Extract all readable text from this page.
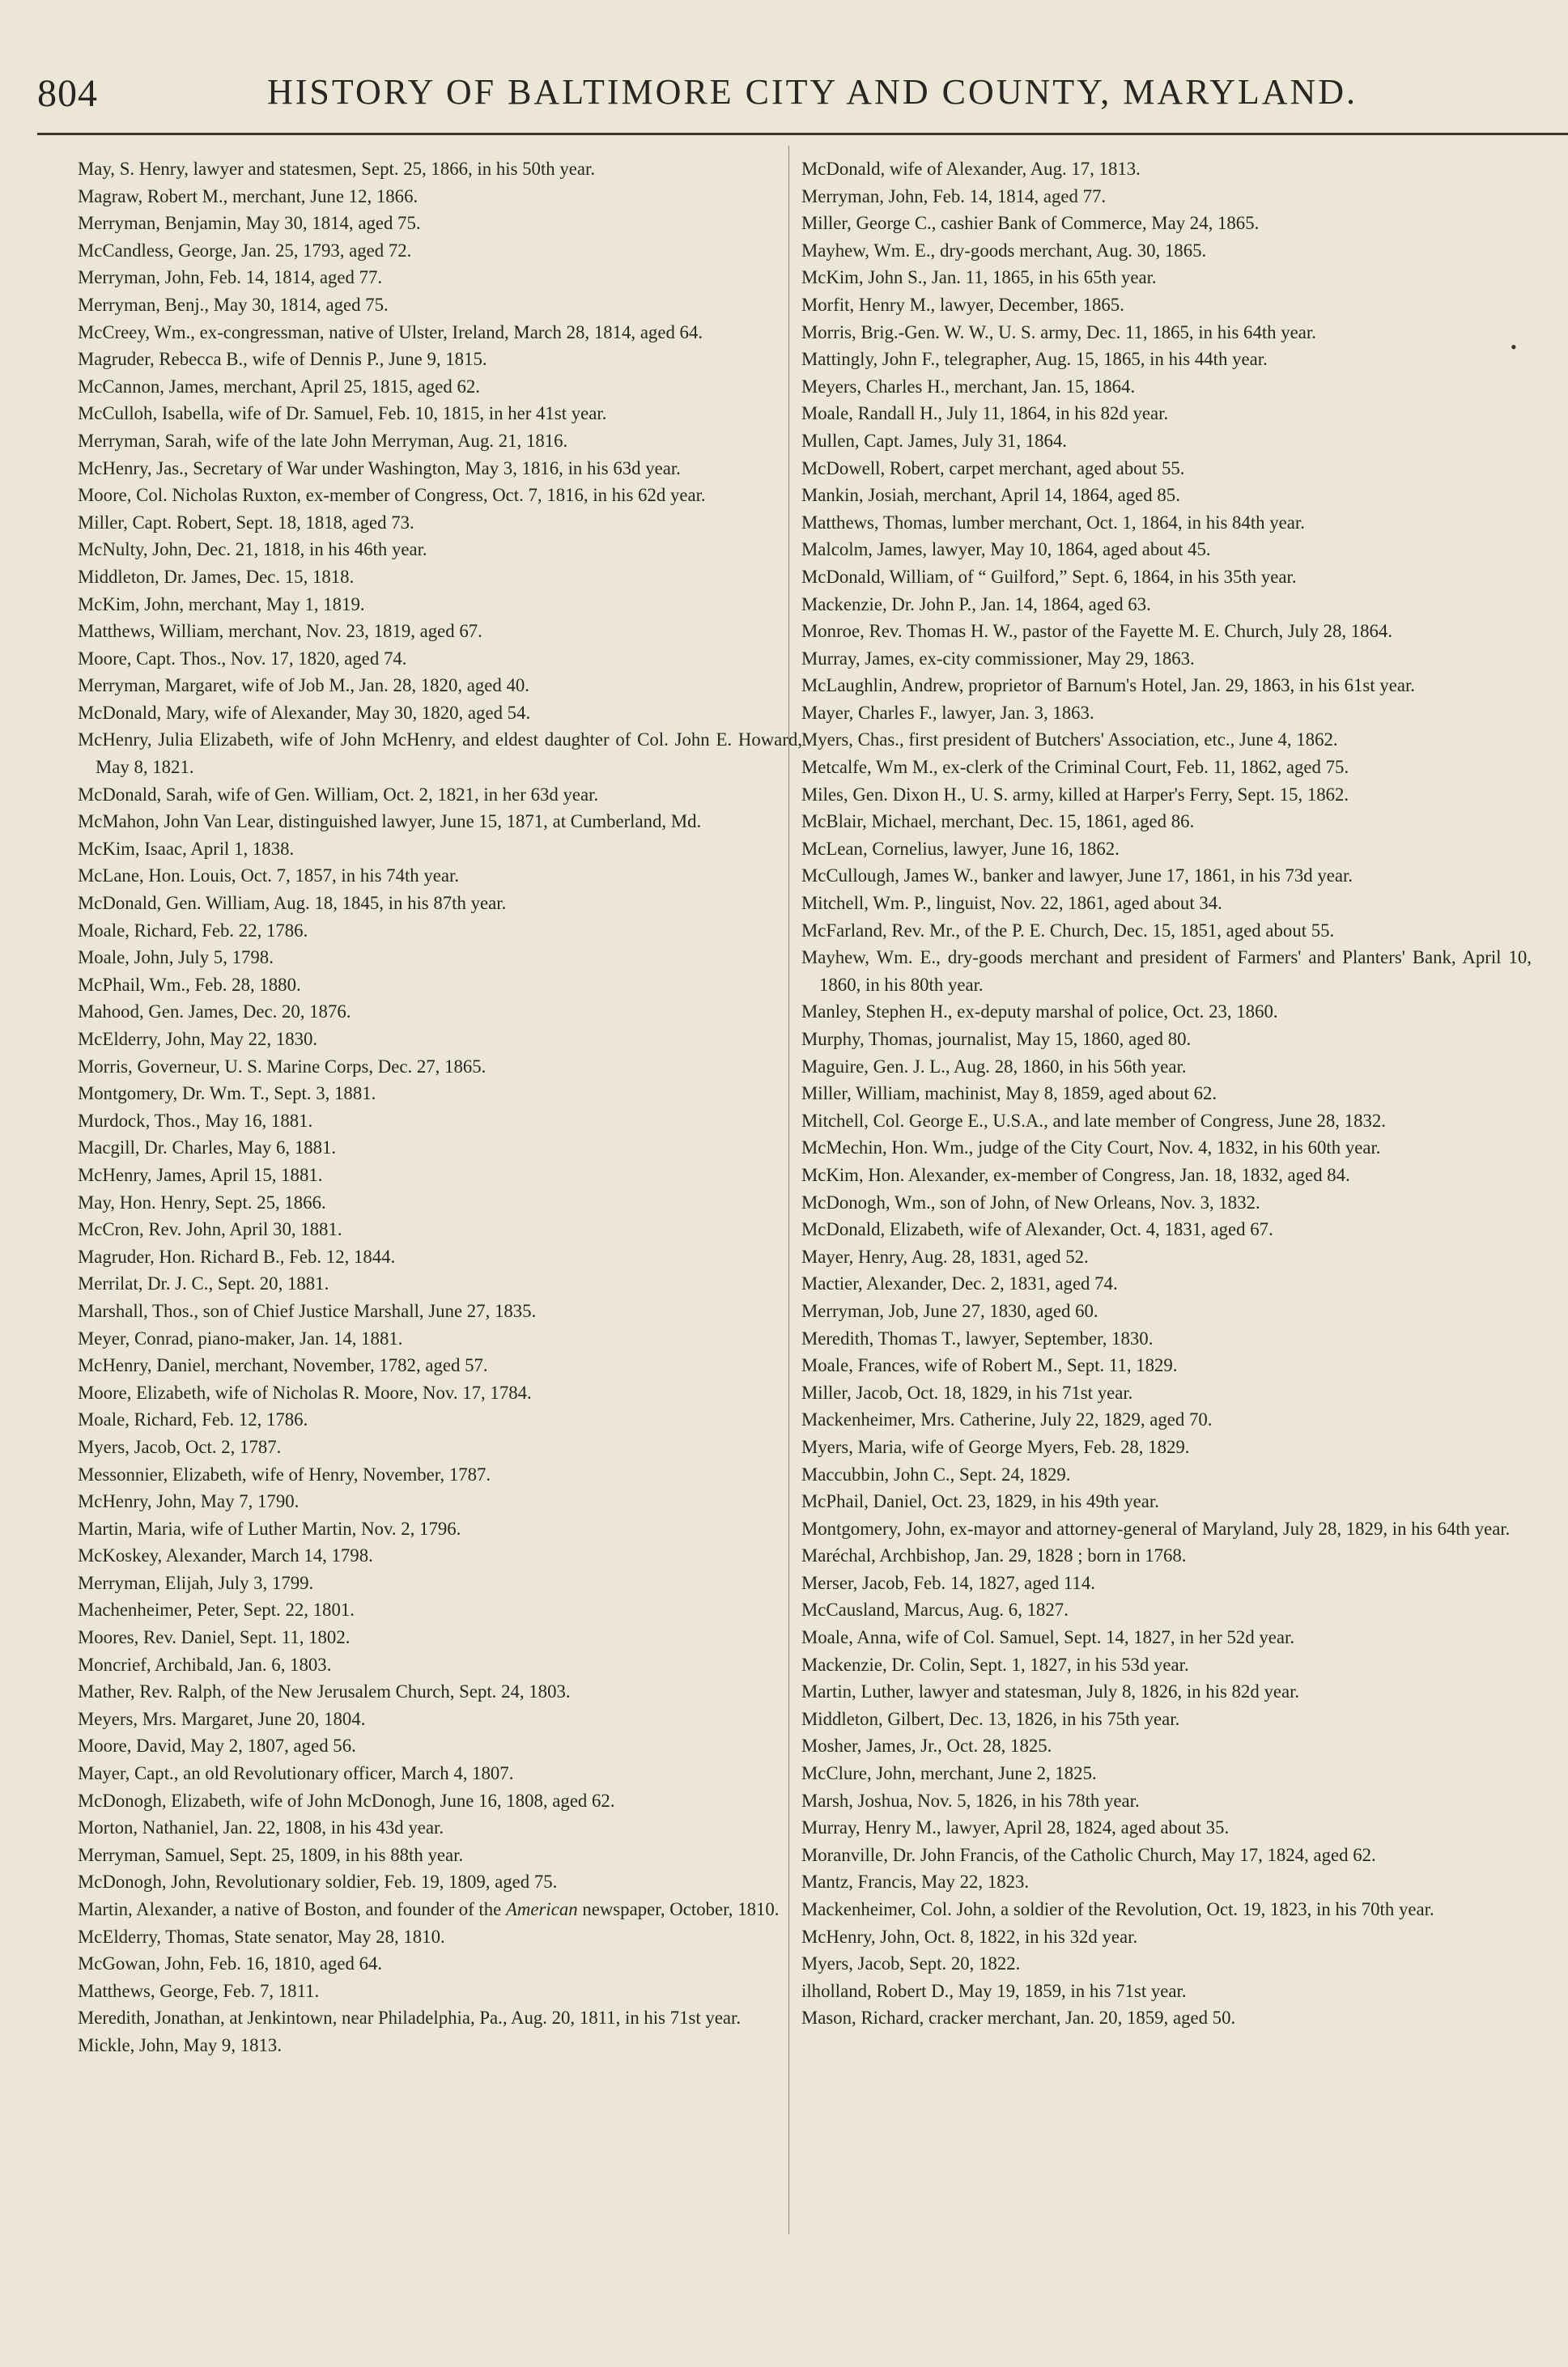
804	HISTORY OF BALTIMORE CITY AND COUNTY, MARYLAND.

May, S. Henry, lawyer and statesmen, Sept. 25, 1866, in his 50th year.

Magraw, Robert M., merchant, June 12, 1866.

Merryman, Benjamin, May 30, 1814, aged 75.

McCandless, George, Jan. 25, 1793, aged 72.

Merryman, John, Feb. 14, 1814, aged 77.

Merryman, Benj., May 30, 1814, aged 75.

McCreey, Wm., ex-congressman, native of Ulster, Ireland, March 28, 1814, aged 64.

Magruder, Rebecca B., wife of Dennis P., June 9, 1815.

McCannon, James, merchant, April 25, 1815, aged 62.

McCulloh, Isabella, wife of Dr. Samuel, Feb. 10, 1815, in her 41st year.

Merryman, Sarah, wife of the late John Merryman, Aug. 21, 1816.

McHenry, Jas., Secretary of War under Washington, May 3, 1816, in his 63d year.

Moore, Col. Nicholas Ruxton, ex-member of Congress, Oct. 7, 1816, in his 62d year.

Miller, Capt. Robert, Sept. 18, 1818, aged 73.

McNulty, John, Dec. 21, 1818, in his 46th year.

Middleton, Dr. James, Dec. 15, 1818.

McKim, John, merchant, May 1, 1819.

Matthews, William, merchant, Nov. 23, 1819, aged 67.

Moore, Capt. Thos., Nov. 17, 1820, aged 74.

Merryman, Margaret, wife of Job M., Jan. 28, 1820, aged 40.

McDonald, Mary, wife of Alexander, May 30, 1820, aged 54.

McHenry, Julia Elizabeth, wife of John McHenry, and eldest daughter of Col. John E. Howard, May 8, 1821.

McDonald, Sarah, wife of Gen. William, Oct. 2, 1821, in her 63d year.

McMahon, John Van Lear, distinguished lawyer, June 15, 1871, at Cumberland, Md.

McKim, Isaac, April 1, 1838.

McLane, Hon. Louis, Oct. 7, 1857, in his 74th year.

McDonald, Gen. William, Aug. 18, 1845, in his 87th year.

Moale, Richard, Feb. 22, 1786.

Moale, John, July 5, 1798.

McPhail, Wm., Feb. 28, 1880.

Mahood, Gen. James, Dec. 20, 1876.

McElderry, John, May 22, 1830.

Morris, Governeur, U. S. Marine Corps, Dec. 27, 1865.

Montgomery, Dr. Wm. T., Sept. 3, 1881.

Murdock, Thos., May 16, 1881.

Macgill, Dr. Charles, May 6, 1881.

McHenry, James, April 15, 1881.

May, Hon. Henry, Sept. 25, 1866.

McCron, Rev. John, April 30, 1881.

Magruder, Hon. Richard B., Feb. 12, 1844.

Merrilat, Dr. J. C., Sept. 20, 1881.

Marshall, Thos., son of Chief Justice Marshall, June 27, 1835.

Meyer, Conrad, piano-maker, Jan. 14, 1881.

McHenry, Daniel, merchant, November, 1782, aged 57.

Moore, Elizabeth, wife of Nicholas R. Moore, Nov. 17, 1784.

Moale, Richard, Feb. 12, 1786.

Myers, Jacob, Oct. 2, 1787.

Messonnier, Elizabeth, wife of Henry, November, 1787.

McHenry, John, May 7, 1790.

Martin, Maria, wife of Luther Martin, Nov. 2, 1796.

McKoskey, Alexander, March 14, 1798.

Merryman, Elijah, July 3, 1799.

Machenheimer, Peter, Sept. 22, 1801.

Moores, Rev. Daniel, Sept. 11, 1802.

Moncrief, Archibald, Jan. 6, 1803.

Mather, Rev. Ralph, of the New Jerusalem Church, Sept. 24, 1803.

Meyers, Mrs. Margaret, June 20, 1804.

Moore, David, May 2, 1807, aged 56.

Mayer, Capt., an old Revolutionary officer, March 4, 1807.

McDonogh, Elizabeth, wife of John McDonogh, June 16, 1808, aged 62.

Morton, Nathaniel, Jan. 22, 1808, in his 43d year.

Merryman, Samuel, Sept. 25, 1809, in his 88th year.

McDonogh, John, Revolutionary soldier, Feb. 19, 1809, aged 75.

Martin, Alexander, a native of Boston, and founder of the American newspaper, October, 1810.

McElderry, Thomas, State senator, May 28, 1810.

McGowan, John, Feb. 16, 1810, aged 64.

Matthews, George, Feb. 7, 1811.

Meredith, Jonathan, at Jenkintown, near Philadelphia, Pa., Aug. 20, 1811, in his 71st year.

Mickle, John, May 9, 1813.

McDonald, wife of Alexander, Aug. 17, 1813.

Merryman, John, Feb. 14, 1814, aged 77.

Miller, George C., cashier Bank of Commerce, May 24, 1865.

Mayhew, Wm. E., dry-goods merchant, Aug. 30, 1865.

McKim, John S., Jan. 11, 1865, in his 65th year.

Morfit, Henry M., lawyer, December, 1865.

Morris, Brig.-Gen. W. W., U. S. army, Dec. 11, 1865, in his 64th year.

Mattingly, John F., telegrapher, Aug. 15, 1865, in his 44th year.

Meyers, Charles H., merchant, Jan. 15, 1864.

Moale, Randall H., July 11, 1864, in his 82d year.

Mullen, Capt. James, July 31, 1864.

McDowell, Robert, carpet merchant, aged about 55.

Mankin, Josiah, merchant, April 14, 1864, aged 85.

Matthews, Thomas, lumber merchant, Oct. 1, 1864, in his 84th year.

Malcolm, James, lawyer, May 10, 1864, aged about 45.

McDonald, William, of “ Guilford,” Sept. 6, 1864, in his 35th year.

Mackenzie, Dr. John P., Jan. 14, 1864, aged 63.

Monroe, Rev. Thomas H. W., pastor of the Fayette M. E. Church, July 28, 1864.

Murray, James, ex-city commissioner, May 29, 1863.

McLaughlin, Andrew, proprietor of Barnum's Hotel, Jan. 29, 1863, in his 61st year.

Mayer, Charles F., lawyer, Jan. 3, 1863.

Myers, Chas., first president of Butchers' Association, etc., June 4, 1862.

Metcalfe, Wm M., ex-clerk of the Criminal Court, Feb. 11, 1862, aged 75.

Miles, Gen. Dixon H., U. S. army, killed at Harper's Ferry, Sept. 15, 1862.

McBlair, Michael, merchant, Dec. 15, 1861, aged 86.

McLean, Cornelius, lawyer, June 16, 1862.

McCullough, James W., banker and lawyer, June 17, 1861, in his 73d year.

Mitchell, Wm. P., linguist, Nov. 22, 1861, aged about 34.

McFarland, Rev. Mr., of the P. E. Church, Dec. 15, 1851, aged about 55.

Mayhew, Wm. E., dry-goods merchant and president of Farmers' and Planters' Bank, April 10, 1860, in his 80th year.

Manley, Stephen H., ex-deputy marshal of police, Oct. 23, 1860.

Murphy, Thomas, journalist, May 15, 1860, aged 80.

Maguire, Gen. J. L., Aug. 28, 1860, in his 56th year.

Miller, William, machinist, May 8, 1859, aged about 62.

Mitchell, Col. George E., U.S.A., and late member of Congress, June 28, 1832.

McMechin, Hon. Wm., judge of the City Court, Nov. 4, 1832, in his 60th year.

McKim, Hon. Alexander, ex-member of Congress, Jan. 18, 1832, aged 84.

McDonogh, Wm., son of John, of New Orleans, Nov. 3, 1832.

McDonald, Elizabeth, wife of Alexander, Oct. 4, 1831, aged 67.

Mayer, Henry, Aug. 28, 1831, aged 52.

Mactier, Alexander, Dec. 2, 1831, aged 74.

Merryman, Job, June 27, 1830, aged 60.

Meredith, Thomas T., lawyer, September, 1830.

Moale, Frances, wife of Robert M., Sept. 11, 1829.

Miller, Jacob, Oct. 18, 1829, in his 71st year.

Mackenheimer, Mrs. Catherine, July 22, 1829, aged 70.

Myers, Maria, wife of George Myers, Feb. 28, 1829.

Maccubbin, John C., Sept. 24, 1829.

McPhail, Daniel, Oct. 23, 1829, in his 49th year.

Montgomery, John, ex-mayor and attorney-general of Maryland, July 28, 1829, in his 64th year.

Maréchal, Archbishop, Jan. 29, 1828 ; born in 1768.

Merser, Jacob, Feb. 14, 1827, aged 114.

McCausland, Marcus, Aug. 6, 1827.

Moale, Anna, wife of Col. Samuel, Sept. 14, 1827, in her 52d year.

Mackenzie, Dr. Colin, Sept. 1, 1827, in his 53d year.

Martin, Luther, lawyer and statesman, July 8, 1826, in his 82d year.

Middleton, Gilbert, Dec. 13, 1826, in his 75th year.

Mosher, James, Jr., Oct. 28, 1825.

McClure, John, merchant, June 2, 1825.

Marsh, Joshua, Nov. 5, 1826, in his 78th year.

Murray, Henry M., lawyer, April 28, 1824, aged about 35.

Moranville, Dr. John Francis, of the Catholic Church, May 17, 1824, aged 62.

Mantz, Francis, May 22, 1823.

Mackenheimer, Col. John, a soldier of the Revolution, Oct. 19, 1823, in his 70th year.

McHenry, John, Oct. 8, 1822, in his 32d year.

Myers, Jacob, Sept. 20, 1822.

ilholland, Robert D., May 19, 1859, in his 71st year.

Mason, Richard, cracker merchant, Jan. 20, 1859, aged 50.

•
